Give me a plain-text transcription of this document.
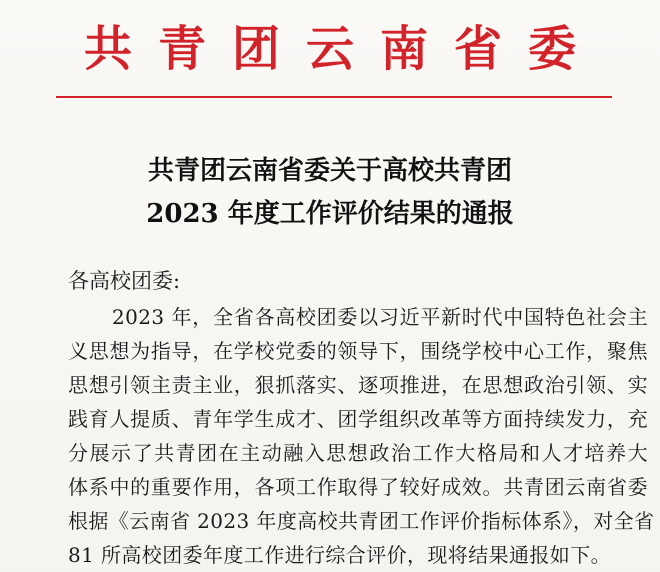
共青团云南省委
共青团云南省委关于高校共青团
2023 年度工作评价结果的通报
各高校团委:
2023 年，全省各高校团委以习近平新时代中国特色社会主
义思想为指导，在学校党委的领导下，围绕学校中心工作，聚焦
思想引领主责主业，狠抓落实、逐项推进，在思想政治引领、实
践育人提质、青年学生成才、团学组织改革等方面持续发力，充
分展示了共青团在主动融入思想政治工作大格局和人才培养大
体系中的重要作用，各项工作取得了较好成效。共青团云南省委
根据《云南省 2023 年度高校共青团工作评价指标体系》，对全省
81 所高校团委年度工作进行综合评价，现将结果通报如下。
